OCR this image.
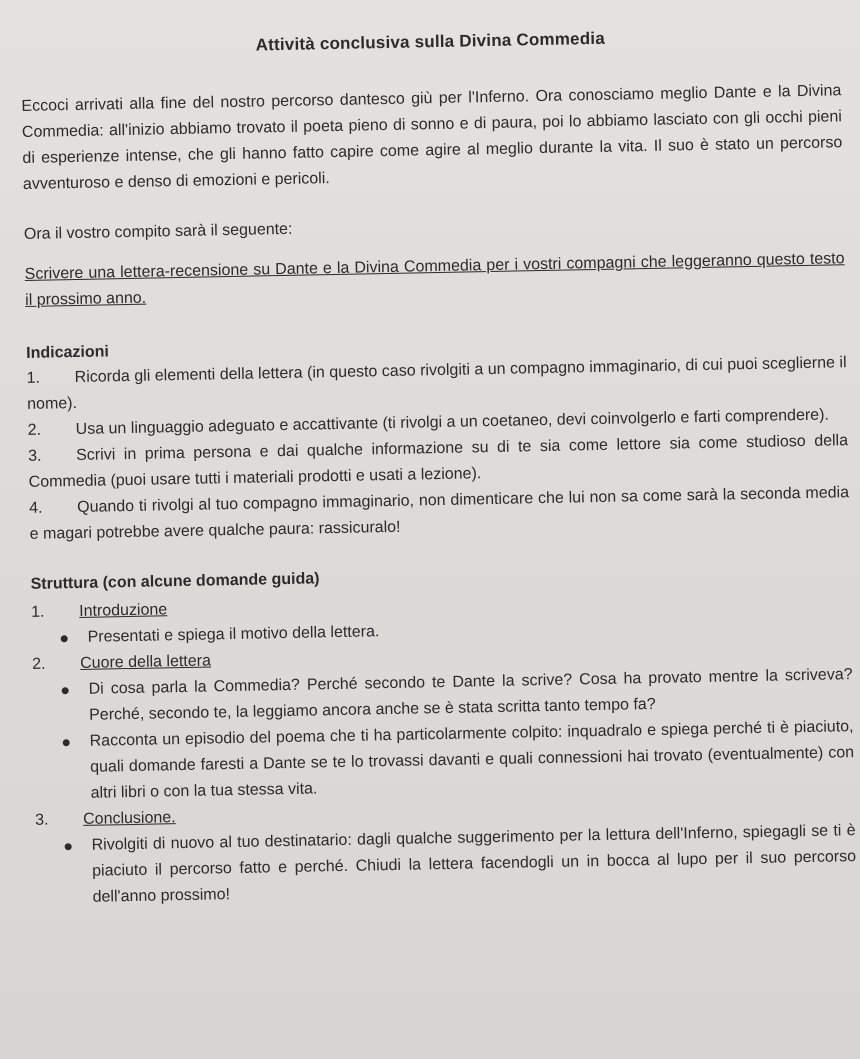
Attività conclusiva sulla Divina Commedia

Eccoci arrivati alla fine del nostro percorso dantesco giù per l'Inferno. Ora conosciamo meglio Dante e la Divina Commedia: all'inizio abbiamo trovato il poeta pieno di sonno e di paura, poi lo abbiamo lasciato con gli occhi pieni di esperienze intense, che gli hanno fatto capire come agire al meglio durante la vita. Il suo è stato un percorso avventuroso e denso di emozioni e pericoli.

Ora il vostro compito sarà il seguente:

Scrivere una lettera-recensione su Dante e la Divina Commedia per i vostri compagni che leggeranno questo testo il prossimo anno.

Indicazioni
1. Ricorda gli elementi della lettera (in questo caso rivolgiti a un compagno immaginario, di cui puoi sceglierne il nome).
2. Usa un linguaggio adeguato e accattivante (ti rivolgi a un coetaneo, devi coinvolgerlo e farti comprendere).
3. Scrivi in prima persona e dai qualche informazione su di te sia come lettore sia come studioso della Commedia (puoi usare tutti i materiali prodotti e usati a lezione).
4. Quando ti rivolgi al tuo compagno immaginario, non dimenticare che lui non sa come sarà la seconda media e magari potrebbe avere qualche paura: rassicuralo!
Struttura (con alcune domande guida)
1. Introduzione
Presentati e spiega il motivo della lettera.
2. Cuore della lettera
Di cosa parla la Commedia? Perché secondo te Dante la scrive? Cosa ha provato mentre la scriveva? Perché, secondo te, la leggiamo ancora anche se è stata scritta tanto tempo fa?
Racconta un episodio del poema che ti ha particolarmente colpito: inquadralo e spiega perché ti è piaciuto, quali domande faresti a Dante se te lo trovassi davanti e quali connessioni hai trovato (eventualmente) con altri libri o con la tua stessa vita.
3. Conclusione.
Rivolgiti di nuovo al tuo destinatario: dagli qualche suggerimento per la lettura dell'Inferno, spiegagli se ti è piaciuto il percorso fatto e perché. Chiudi la lettera facendogli un in bocca al lupo per il suo percorso dell'anno prossimo!
